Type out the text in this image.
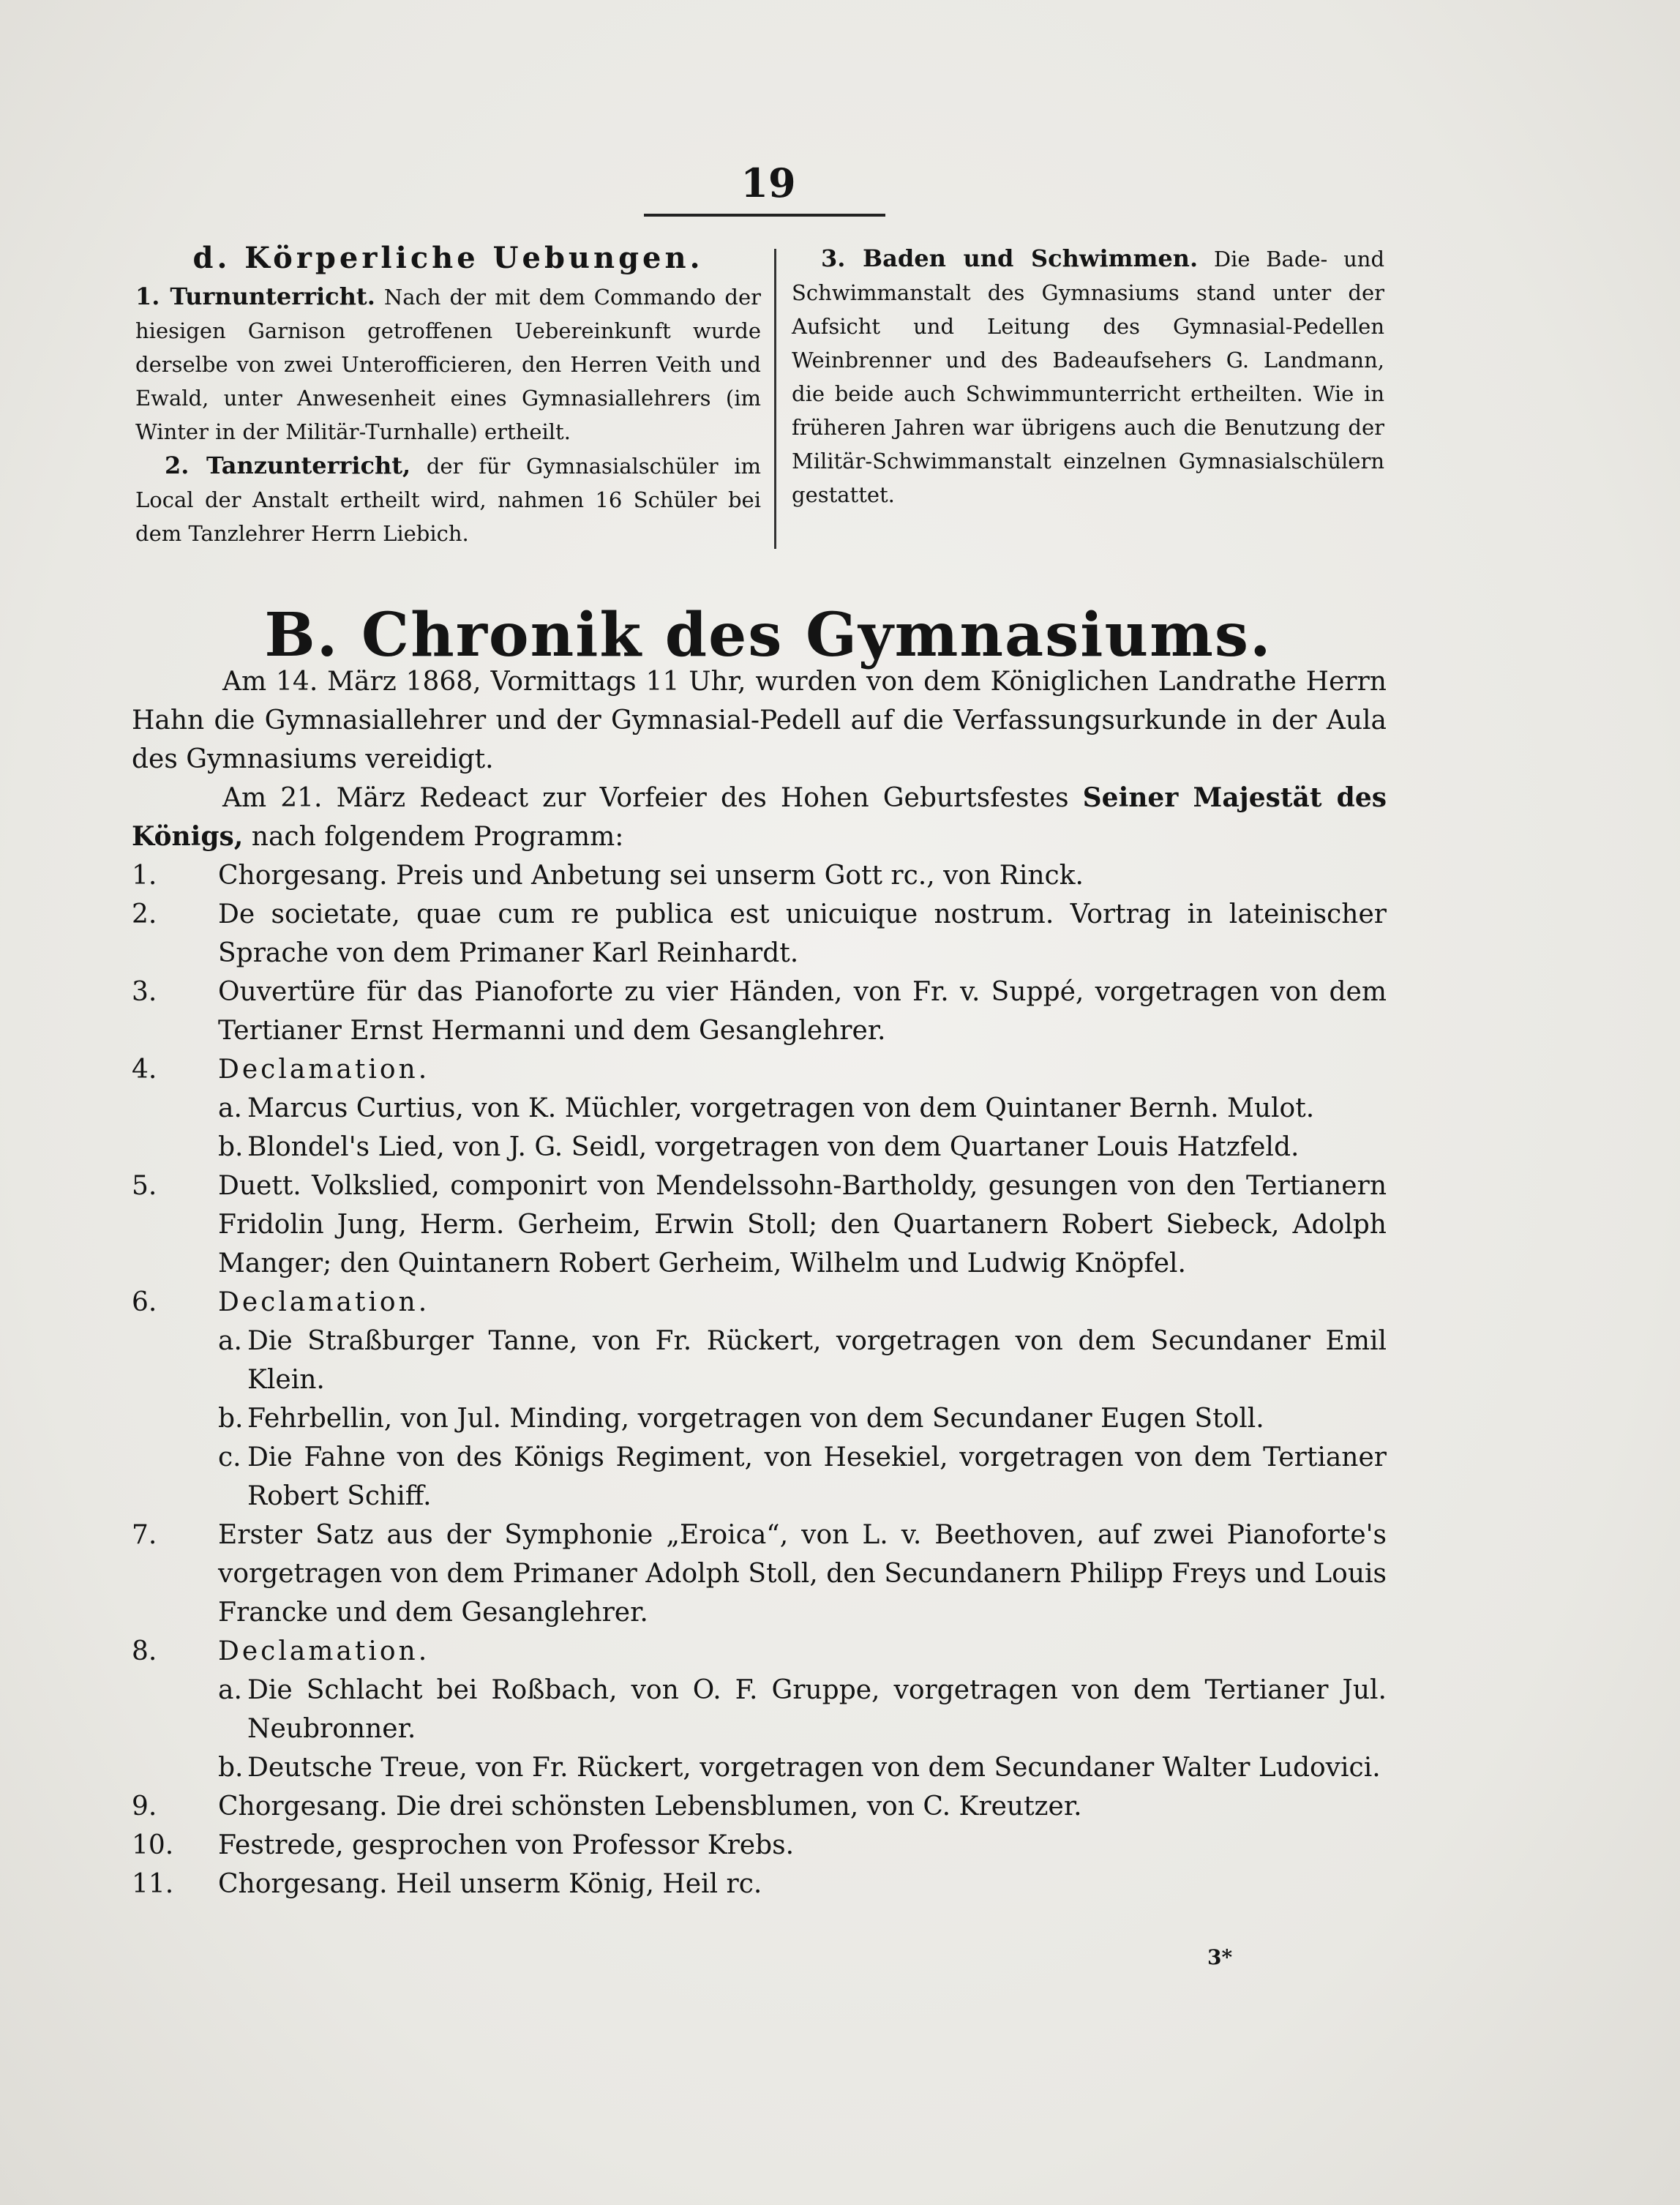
19
d. Körperliche Uebungen.

1. Turnunterricht. Nach der mit dem Commando der hiesigen Garnison getroffenen Uebereinkunft wurde derselbe von zwei Unterofficieren, den Herren Veith und Ewald, unter Anwesenheit eines Gymnasiallehrers (im Winter in der Militär-Turnhalle) ertheilt.

2. Tanzunterricht, der für Gymnasialschüler im Local der Anstalt ertheilt wird, nahmen 16 Schüler bei dem Tanzlehrer Herrn Liebich.

3. Baden und Schwimmen. Die Bade- und Schwimmanstalt des Gymnasiums stand unter der Aufsicht und Leitung des Gymnasial-Pedellen Weinbrenner und des Badeaufsehers G. Landmann, die beide auch Schwimmunterricht ertheilten. Wie in früheren Jahren war übrigens auch die Benutzung der Militär-Schwimmanstalt einzelnen Gymnasialschülern gestattet.

B. Chronik des Gymnasiums.

Am 14. März 1868, Vormittags 11 Uhr, wurden von dem Königlichen Landrathe Herrn Hahn die Gymnasiallehrer und der Gymnasial-Pedell auf die Verfassungsurkunde in der Aula des Gymnasiums vereidigt.

Am 21. März Redeact zur Vorfeier des Hohen Geburtsfestes Seiner Majestät des Königs, nach folgendem Programm:

1.	Chorgesang. Preis und Anbetung sei unserm Gott rc., von Rinck.
2.	De societate, quae cum re publica est unicuique nostrum. Vortrag in lateinischer Sprache von dem Primaner Karl Reinhardt.
3.	Ouvertüre für das Pianoforte zu vier Händen, von Fr. v. Suppé, vorgetragen von dem Tertianer Ernst Hermanni und dem Gesanglehrer.
4.	Declamation.
a. Marcus Curtius, von K. Müchler, vorgetragen von dem Quintaner Bernh. Mulot.
b. Blondel's Lied, von J. G. Seidl, vorgetragen von dem Quartaner Louis Hatzfeld.
5.	Duett. Volkslied, componirt von Mendelssohn-Bartholdy, gesungen von den Tertianern Fridolin Jung, Herm. Gerheim, Erwin Stoll; den Quartanern Robert Siebeck, Adolph Manger; den Quintanern Robert Gerheim, Wilhelm und Ludwig Knöpfel.
6.	Declamation.
a. Die Straßburger Tanne, von Fr. Rückert, vorgetragen von dem Secundaner Emil Klein.
b. Fehrbellin, von Jul. Minding, vorgetragen von dem Secundaner Eugen Stoll.
c. Die Fahne von des Königs Regiment, von Hesekiel, vorgetragen von dem Tertianer Robert Schiff.
7.	Erster Satz aus der Symphonie „Eroica“, von L. v. Beethoven, auf zwei Pianoforte's vorgetragen von dem Primaner Adolph Stoll, den Secundanern Philipp Freys und Louis Francke und dem Gesanglehrer.
8.	Declamation.
a. Die Schlacht bei Roßbach, von O. F. Gruppe, vorgetragen von dem Tertianer Jul. Neubronner.
b. Deutsche Treue, von Fr. Rückert, vorgetragen von dem Secundaner Walter Ludovici.
9.	Chorgesang. Die drei schönsten Lebensblumen, von C. Kreutzer.
10.	Festrede, gesprochen von Professor Krebs.
11.	Chorgesang. Heil unserm König, Heil rc.
3*
